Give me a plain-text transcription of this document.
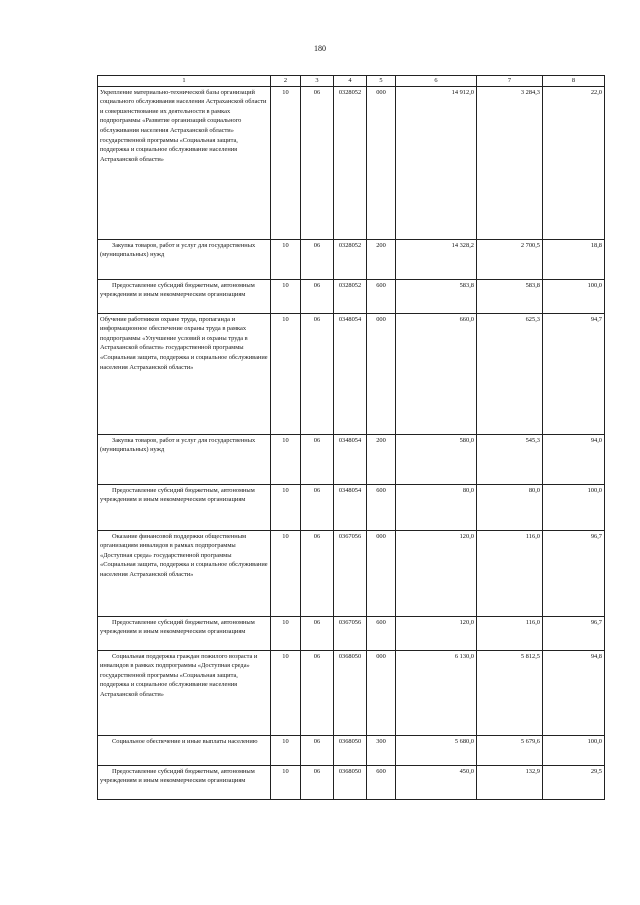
180
1	2	3	4	5	6	7	8
Укрепление материально-технической базы организаций социального обслуживания населения Астраханской области и совершенствование их деятельности в рамках подпрограммы «Развитие организаций социального обслуживания населения Астраханской области» государственной программы «Социальная защита, поддержка и социальное обслуживание населения Астраханской области»	10	06	0328052	000	14 912,0	3 284,3	22,0
Закупка товаров, работ и услуг для государственных (муниципальных) нужд	10	06	0328052	200	14 328,2	2 700,5	18,8
Предоставление субсидий бюджетным, автономным учреждениям и иным некоммерческим организациям	10	06	0328052	600	583,8	583,8	100,0
Обучение работников охране труда, пропаганда и информационное обеспечение охраны труда в рамках подпрограммы «Улучшение условий и охраны труда в Астраханской области» государственной программы «Социальная защита, поддержка и социальное обслуживание населения Астраханской области»	10	06	0348054	000	660,0	625,3	94,7
Закупка товаров, работ и услуг для государственных (муниципальных) нужд	10	06	0348054	200	580,0	545,3	94,0
Предоставление субсидий бюджетным, автономным учреждениям и иным некоммерческим организациям	10	06	0348054	600	80,0	80,0	100,0
Оказание финансовой поддержки общественным организациям инвалидов в рамках подпрограммы «Доступная среда» государственной программы «Социальная защита, поддержка и социальное обслуживание населения Астраханской области»	10	06	0367056	000	120,0	116,0	96,7
Предоставление субсидий бюджетным, автономным учреждениям и иным некоммерческим организациям	10	06	0367056	600	120,0	116,0	96,7
Социальная поддержка граждан пожилого возраста и инвалидов в рамках подпрограммы «Доступная среда» государственной программы «Социальная защита, поддержка и социальное обслуживание населения Астраханской области»	10	06	0368050	000	6 130,0	5 812,5	94,8
Социальное обеспечение и иные выплаты населению	10	06	0368050	300	5 680,0	5 679,6	100,0
Предоставление субсидий бюджетным, автономным учреждениям и иным некоммерческим организациям	10	06	0368050	600	450,0	132,9	29,5
